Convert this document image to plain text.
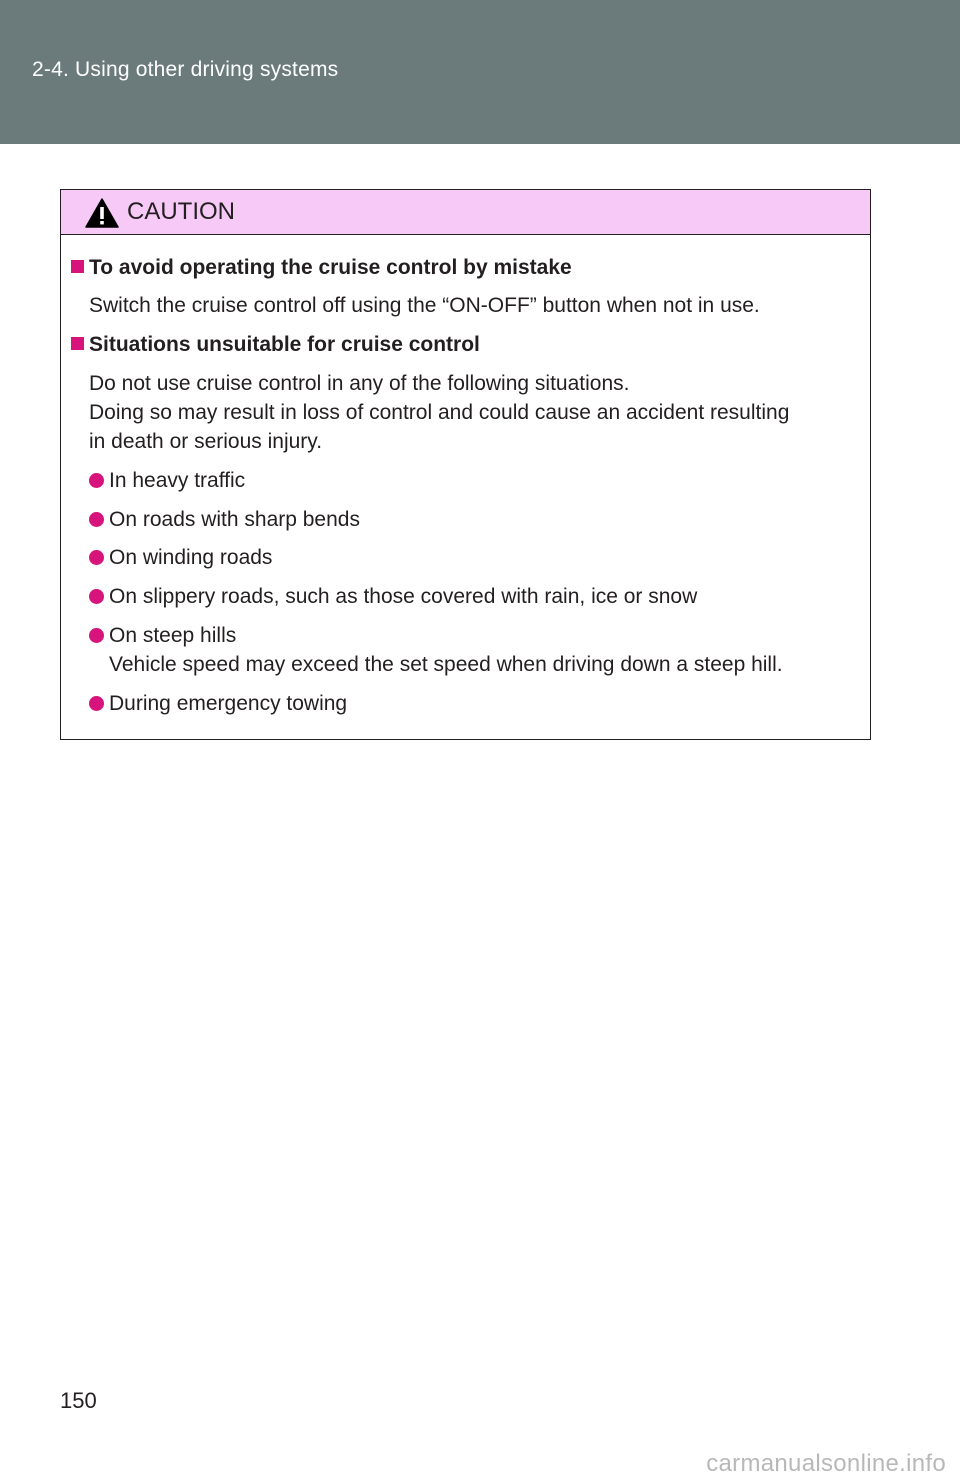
2-4. Using other driving systems
CAUTION
To avoid operating the cruise control by mistake
Switch the cruise control off using the “ON-OFF” button when not in use.
Situations unsuitable for cruise control
Do not use cruise control in any of the following situations.
Doing so may result in loss of control and could cause an accident resulting
in death or serious injury.
In heavy traffic
On roads with sharp bends
On winding roads
On slippery roads, such as those covered with rain, ice or snow
On steep hills
Vehicle speed may exceed the set speed when driving down a steep hill.
During emergency towing
150
carmanualsonline.info
